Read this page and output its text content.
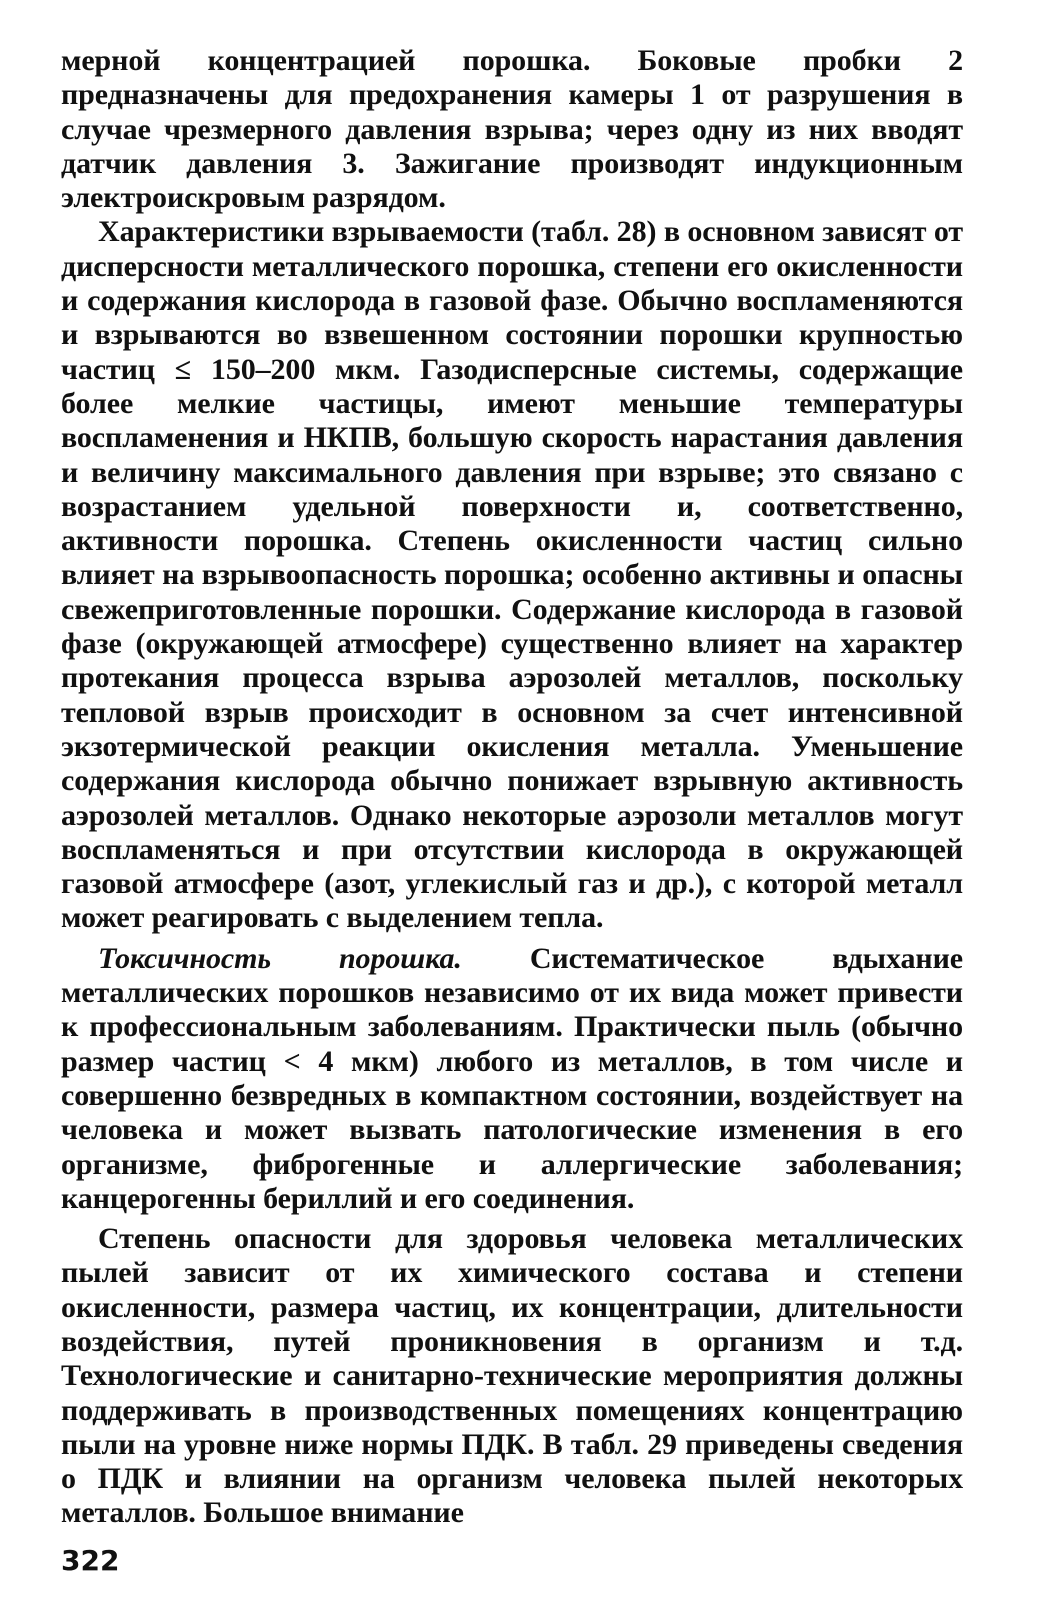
мерной концентрацией порошка. Боковые пробки 2 предназначены для предохранения камеры 1 от разрушения в случае чрезмерного давления взрыва; через одну из них вводят датчик давления 3. Зажигание производят индукционным электроискровым разрядом.

Характеристики взрываемости (табл. 28) в основном зависят от дисперсности металлического порошка, степени его окисленности и содержания кислорода в газовой фазе. Обычно воспламеняются и взрываются во взвешенном состоянии порошки крупностью частиц ≤ 150–200 мкм. Газодисперсные системы, содержащие более мелкие частицы, имеют меньшие температуры воспламенения и НКПВ, большую скорость нарастания давления и величину максимального давления при взрыве; это связано с возрастанием удельной поверхности и, соответственно, активности порошка. Степень окисленности частиц сильно влияет на взрывоопасность порошка; особенно активны и опасны свежеприготовленные порошки. Содержание кислорода в газовой фазе (окружающей атмосфере) существенно влияет на характер протекания процесса взрыва аэрозолей металлов, поскольку тепловой взрыв происходит в основном за счет интенсивной экзотермической реакции окисления металла. Уменьшение содержания кислорода обычно понижает взрывную активность аэрозолей металлов. Однако некоторые аэрозоли металлов могут воспламеняться и при отсутствии кислорода в окружающей газовой атмосфере (азот, углекислый газ и др.), с которой металл может реагировать с выделением тепла.

Токсичность порошка. Систематическое вдыхание металлических порошков независимо от их вида может привести к профессиональным заболеваниям. Практически пыль (обычно размер частиц < 4 мкм) любого из металлов, в том числе и совершенно безвредных в компактном состоянии, воздействует на человека и может вызвать патологические изменения в его организме, фиброгенные и аллергические заболевания; канцерогенны бериллий и его соединения.

Степень опасности для здоровья человека металлических пылей зависит от их химического состава и степени окисленности, размера частиц, их концентрации, длительности воздействия, путей проникновения в организм и т.д. Технологические и санитарно-технические мероприятия должны поддерживать в производственных помещениях концентрацию пыли на уровне ниже нормы ПДК. В табл. 29 приведены сведения о ПДК и влиянии на организм человека пылей некоторых металлов. Большое внимание

322
